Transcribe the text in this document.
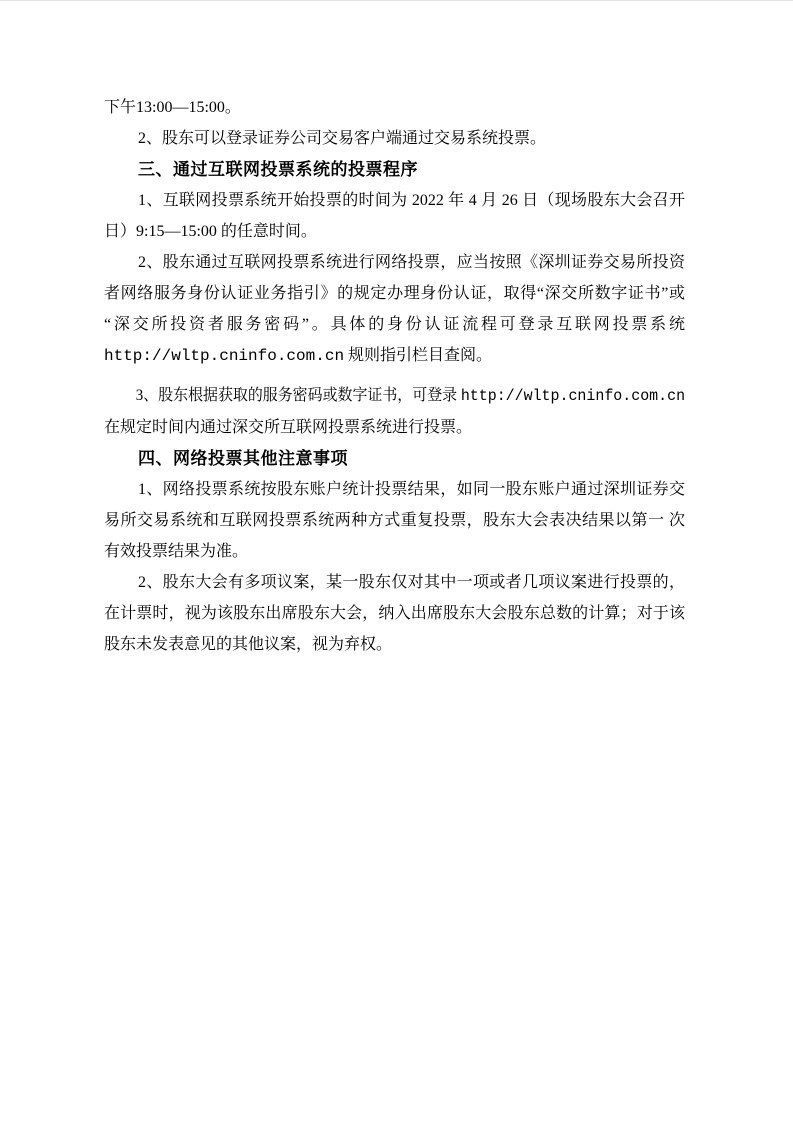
下午13:00—15:00。
2、股东可以登录证券公司交易客户端通过交易系统投票。
三、通过互联网投票系统的投票程序
1、互联网投票系统开始投票的时间为 2022 年 4 月 26 日（现场股东大会召开
日）9:15—15:00 的任意时间。
2、股东通过互联网投票系统进行网络投票，应当按照《深圳证券交易所投资
者网络服务身份认证业务指引》的规定办理身份认证，取得“深交所数字证书”或
“深交所投资者服务密码”。具体的身份认证流程可登录互联网投票系统
http://wltp.cninfo.com.cn 规则指引栏目查阅。
3、股东根据获取的服务密码或数字证书，可登录 http://wltp.cninfo.com.cn
在规定时间内通过深交所互联网投票系统进行投票。
四、网络投票其他注意事项
1、网络投票系统按股东账户统计投票结果，如同一股东账户通过深圳证券交
易所交易系统和互联网投票系统两种方式重复投票，股东大会表决结果以第一 次
有效投票结果为准。
2、股东大会有多项议案，某一股东仅对其中一项或者几项议案进行投票的，
在计票时，视为该股东出席股东大会，纳入出席股东大会股东总数的计算；对于该
股东未发表意见的其他议案，视为弃权。
